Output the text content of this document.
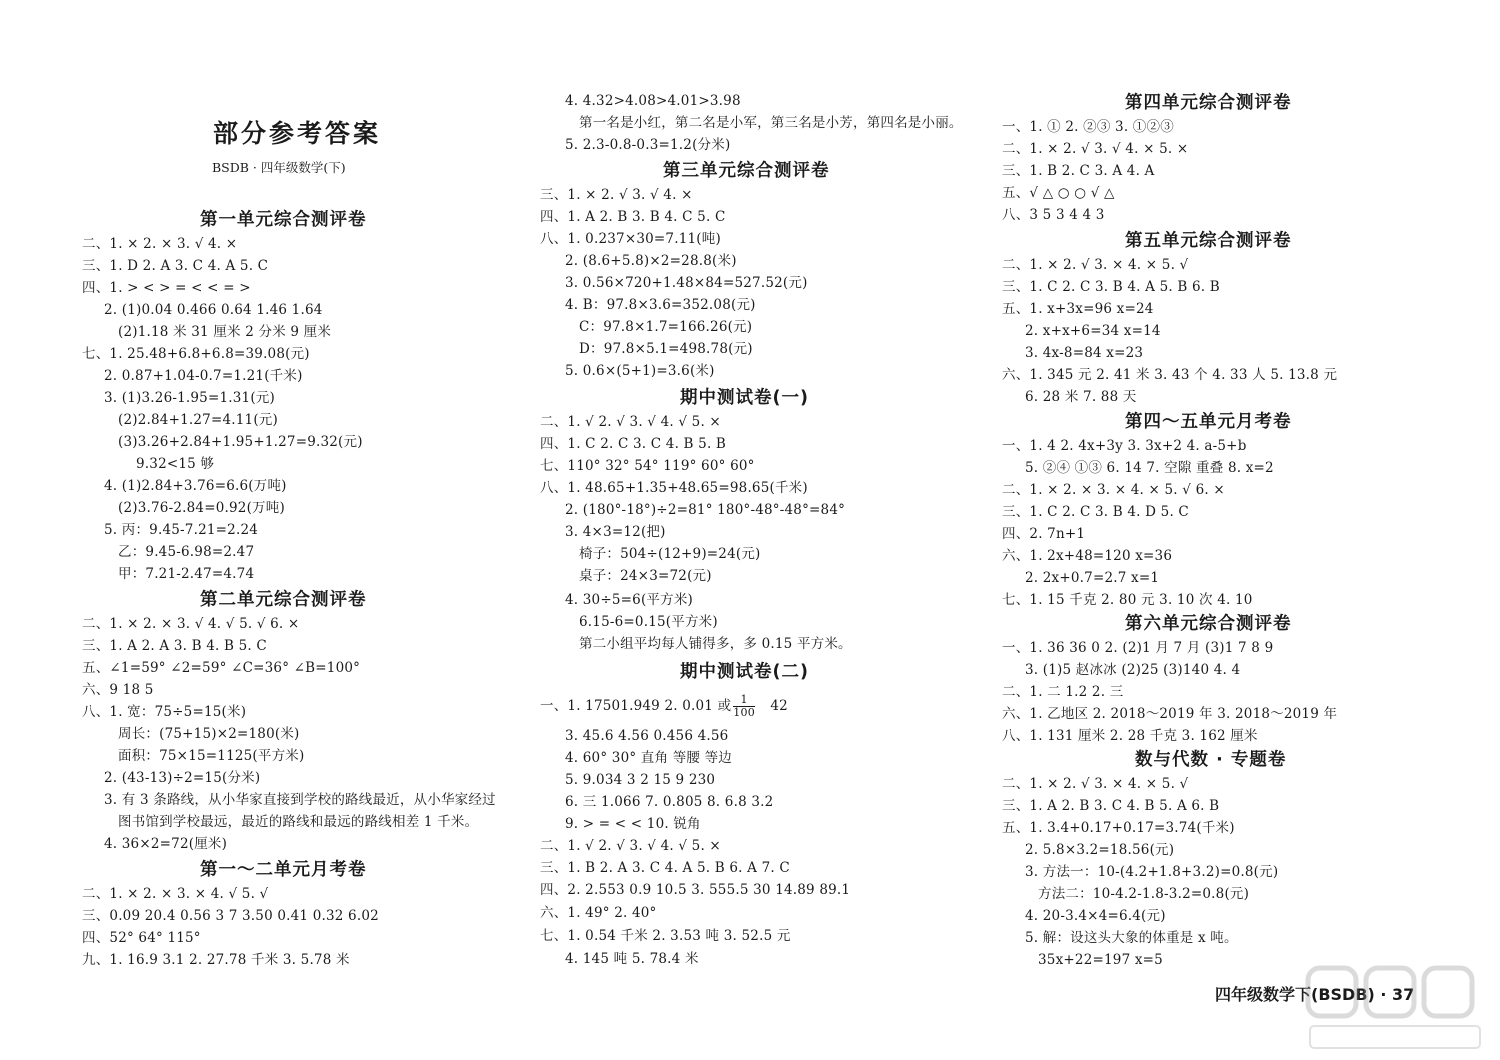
部分参考答案
BSDB · 四年级数学(下)
第一单元综合测评卷
二、1. × 2. × 3. √ 4. ×
三、1. D 2. A 3. C 4. A 5. C
四、1. > < > = < < = >
2. (1)0.04 0.466 0.64 1.46 1.64
(2)1.18 米 31 厘米 2 分米 9 厘米
七、1. 25.48+6.8+6.8=39.08(元)
2. 0.87+1.04-0.7=1.21(千米)
3. (1)3.26-1.95=1.31(元)
(2)2.84+1.27=4.11(元)
(3)3.26+2.84+1.95+1.27=9.32(元)
9.32<15 够
4. (1)2.84+3.76=6.6(万吨)
(2)3.76-2.84=0.92(万吨)
5. 丙：9.45-7.21=2.24
乙：9.45-6.98=2.47
甲：7.21-2.47=4.74
第二单元综合测评卷
二、1. × 2. × 3. √ 4. √ 5. √ 6. ×
三、1. A 2. A 3. B 4. B 5. C
五、∠1=59° ∠2=59° ∠C=36° ∠B=100°
六、9 18 5
八、1. 宽：75÷5=15(米)
周长：(75+15)×2=180(米)
面积：75×15=1125(平方米)
2. (43-13)÷2=15(分米)
3. 有 3 条路线，从小华家直接到学校的路线最近，从小华家经过
图书馆到学校最远，最近的路线和最远的路线相差 1 千米。
4. 36×2=72(厘米)
第一～二单元月考卷
二、1. × 2. × 3. × 4. √ 5. √
三、0.09 20.4 0.56 3 7 3.50 0.41 0.32 6.02
四、52° 64° 115°
九、1. 16.9 3.1 2. 27.78 千米 3. 5.78 米
4. 4.32>4.08>4.01>3.98
第一名是小红，第二名是小军，第三名是小芳，第四名是小丽。
5. 2.3-0.8-0.3=1.2(分米)
第三单元综合测评卷
三、1. × 2. √ 3. √ 4. ×
四、1. A 2. B 3. B 4. C 5. C
八、1. 0.237×30=7.11(吨)
2. (8.6+5.8)×2=28.8(米)
3. 0.56×720+1.48×84=527.52(元)
4. B：97.8×3.6=352.08(元)
C：97.8×1.7=166.26(元)
D：97.8×5.1=498.78(元)
5. 0.6×(5+1)=3.6(米)
期中测试卷(一)
二、1. √ 2. √ 3. √ 4. √ 5. ×
四、1. C 2. C 3. C 4. B 5. B
七、110° 32° 54° 119° 60° 60°
八、1. 48.65+1.35+48.65=98.65(千米)
2. (180°-18°)÷2=81° 180°-48°-48°=84°
3. 4×3=12(把)
椅子：504÷(12+9)=24(元)
桌子：24×3=72(元)
4. 30÷5=6(平方米)
6.15-6=0.15(平方米)
第二小组平均每人铺得多，多 0.15 平方米。
期中测试卷(二)
一、1. 17501.949 2. 0.01 或 $\frac{1}{100} 42$
3. 45.6 4.56 0.456 4.56
4. 60° 30° 直角 等腰 等边
5. 9.034 3 2 15 9 230
6. 三 1.066 7. 0.805 8. 6.8 3.2
9. > = < < 10. 锐角
二、1. √ 2. √ 3. √ 4. √ 5. ×
三、1. B 2. A 3. C 4. A 5. B 6. A 7. C
四、2. 2.553 0.9 10.5 3. 555.5 30 14.89 89.1
六、1. 49° 2. 40°
七、1. 0.54 千米 2. 3.53 吨 3. 52.5 元
4. 145 吨 5. 78.4 米
第四单元综合测评卷
一、1. ① 2. ②③ 3. ①②③
二、1. × 2. √ 3. √ 4. × 5. ×
三、1. B 2. C 3. A 4. A
五、√ △ ○ ○ √ △
八、3 5 3 4 4 3
第五单元综合测评卷
二、1. × 2. √ 3. × 4. × 5. √
三、1. C 2. C 3. B 4. A 5. B 6. B
五、1. x+3x=96 x=24
2. x+x+6=34 x=14
3. 4x-8=84 x=23
六、1. 345 元 2. 41 米 3. 43 个 4. 33 人 5. 13.8 元
6. 28 米 7. 88 天
第四～五单元月考卷
一、1. 4 2. 4x+3y 3. 3x+2 4. a-5+b
5. ②④ ①③ 6. 14 7. 空隙 重叠 8. x=2
二、1. × 2. × 3. × 4. × 5. √ 6. ×
三、1. C 2. C 3. B 4. D 5. C
四、2. 7n+1
六、1. 2x+48=120 x=36
2. 2x+0.7=2.7 x=1
七、1. 15 千克 2. 80 元 3. 10 次 4. 10
第六单元综合测评卷
一、1. 36 36 0 2. (2)1 月 7 月 (3)1 7 8 9
3. (1)5 赵冰冰 (2)25 (3)140 4. 4
二、1. 二 1.2 2. 三
六、1. 乙地区 2. 2018～2019 年 3. 2018～2019 年
八、1. 131 厘米 2. 28 千克 3. 162 厘米
数与代数 · 专题卷
二、1. × 2. √ 3. × 4. × 5. √
三、1. A 2. B 3. C 4. B 5. A 6. B
五、1. 3.4+0.17+0.17=3.74(千米)
2. 5.8×3.2=18.56(元)
3. 方法一：10-(4.2+1.8+3.2)=0.8(元)
方法二：10-4.2-1.8-3.2=0.8(元)
4. 20-3.4×4=6.4(元)
5. 解：设这头大象的体重是 x 吨。
35x+22=197 x=5
四年级数学下(BSDB) · 37
